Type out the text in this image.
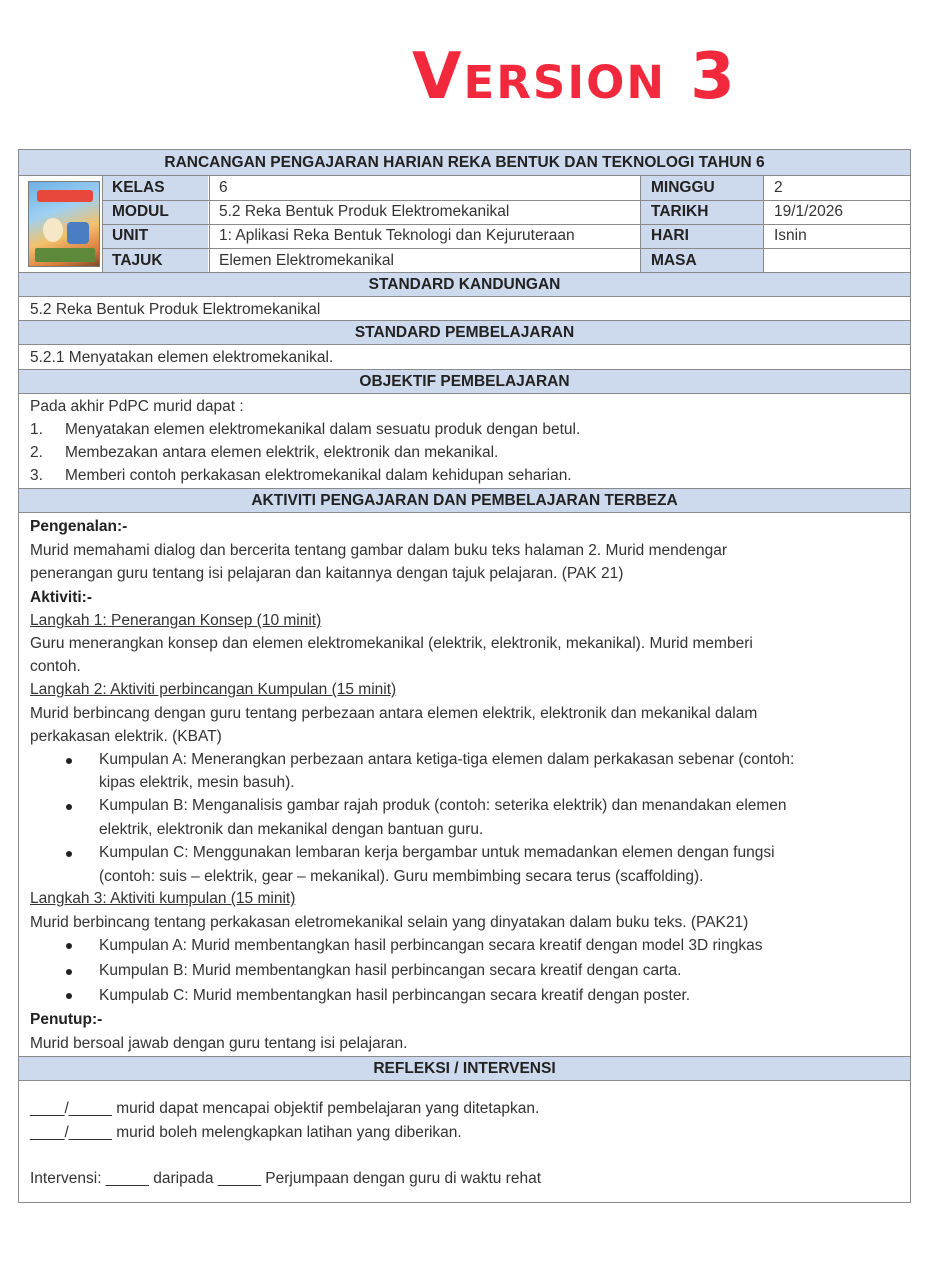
Version 3
RANCANGAN PENGAJARAN HARIAN REKA BENTUK DAN TEKNOLOGI TAHUN 6
KELAS	6	MINGGU	2
MODUL	5.2 Reka Bentuk Produk Elektromekanikal	TARIKH	19/1/2026
UNIT	1: Aplikasi Reka Bentuk Teknologi dan Kejuruteraan	HARI	Isnin
TAJUK	Elemen Elektromekanikal	MASA
STANDARD KANDUNGAN
5.2 Reka Bentuk Produk Elektromekanikal
STANDARD PEMBELAJARAN
5.2.1 Menyatakan elemen elektromekanikal.
OBJEKTIF PEMBELAJARAN
Pada akhir PdPC murid dapat :
1. Menyatakan elemen elektromekanikal dalam sesuatu produk dengan betul.
2. Membezakan antara elemen elektrik, elektronik dan mekanikal.
3. Memberi contoh perkakasan elektromekanikal dalam kehidupan seharian.
AKTIVITI PENGAJARAN DAN PEMBELAJARAN TERBEZA
Pengenalan:-
Murid memahami dialog dan bercerita tentang gambar dalam buku teks halaman 2. Murid mendengar
penerangan guru tentang isi pelajaran dan kaitannya dengan tajuk pelajaran. (PAK 21)
Aktiviti:-
Langkah 1: Penerangan Konsep (10 minit)
Guru menerangkan konsep dan elemen elektromekanikal (elektrik, elektronik, mekanikal). Murid memberi
contoh.
Langkah 2: Aktiviti perbincangan Kumpulan (15 minit)
Murid berbincang dengan guru tentang perbezaan antara elemen elektrik, elektronik dan mekanikal dalam
perkakasan elektrik. (KBAT)
Kumpulan A: Menerangkan perbezaan antara ketiga-tiga elemen dalam perkakasan sebenar (contoh:
kipas elektrik, mesin basuh).
Kumpulan B: Menganalisis gambar rajah produk (contoh: seterika elektrik) dan menandakan elemen
elektrik, elektronik dan mekanikal dengan bantuan guru.
Kumpulan C: Menggunakan lembaran kerja bergambar untuk memadankan elemen dengan fungsi
(contoh: suis – elektrik, gear – mekanikal). Guru membimbing secara terus (scaffolding).
Langkah 3: Aktiviti kumpulan (15 minit)
Murid berbincang tentang perkakasan eletromekanikal selain yang dinyatakan dalam buku teks. (PAK21)
Kumpulan A: Murid membentangkan hasil perbincangan secara kreatif dengan model 3D ringkas
Kumpulan B: Murid membentangkan hasil perbincangan secara kreatif dengan carta.
Kumpulab C: Murid membentangkan hasil perbincangan secara kreatif dengan poster.
Penutup:-
Murid bersoal jawab dengan guru tentang isi pelajaran.
REFLEKSI / INTERVENSI
____/_____ murid dapat mencapai objektif pembelajaran yang ditetapkan.
____/_____ murid boleh melengkapkan latihan yang diberikan.
Intervensi: _____ daripada _____ Perjumpaan dengan guru di waktu rehat
